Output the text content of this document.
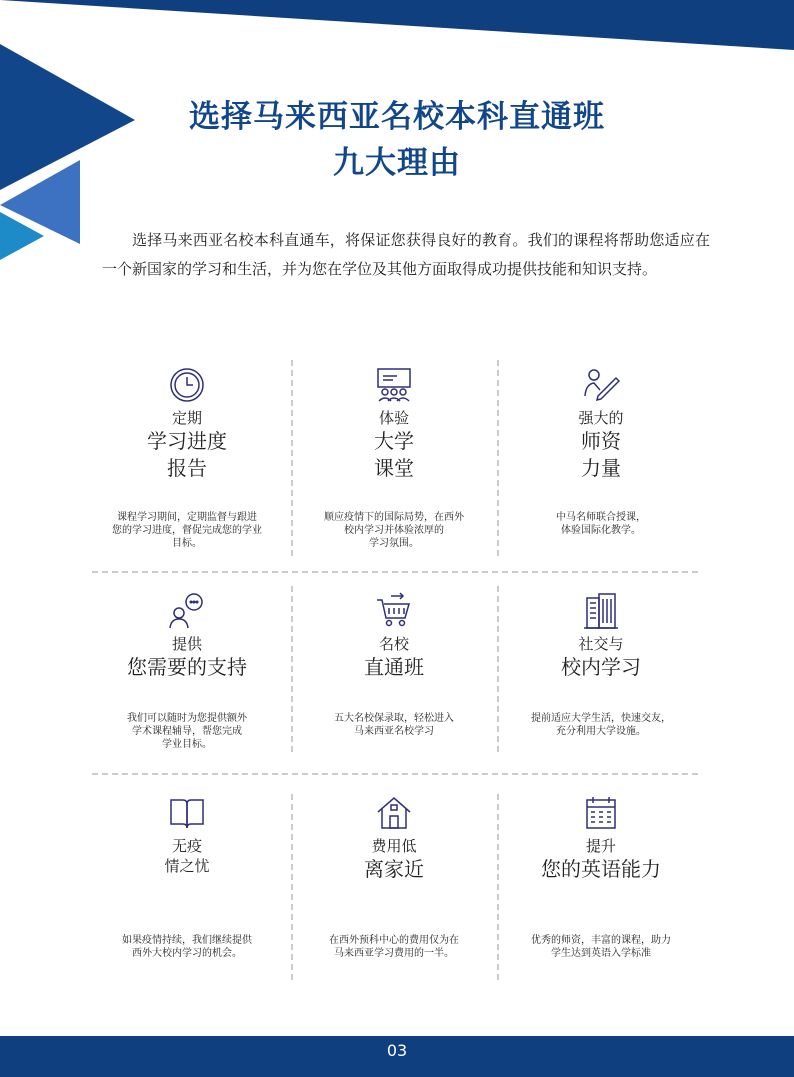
选择马来西亚名校本科直通班
九大理由

选择马来西亚名校本科直通车，将保证您获得良好的教育。我们的课程将帮助您适应在一个新国家的学习和生活，并为您在学位及其他方面取得成功提供技能和知识支持。

定期
学习进度
报告
课程学习期间，定期监督与跟进
您的学习进度，督促完成您的学业
目标。
体验
大学
课堂
顺应疫情下的国际局势，在西外
校内学习并体验浓厚的
学习氛围。
强大的
师资
力量
中马名师联合授课，
体验国际化教学。
提供
您需要的支持
我们可以随时为您提供额外
学术课程辅导，帮您完成
学业目标。
名校
直通班
五大名校保录取，轻松进入
马来西亚名校学习
社交与
校内学习
提前适应大学生活，快速交友，
充分利用大学设施。
无疫
情之忧
如果疫情持续，我们继续提供
西外大校内学习的机会。
费用低
离家近
在西外预科中心的费用仅为在
马来西亚学习费用的一半。
提升
您的英语能力
优秀的师资，丰富的课程，助力
学生达到英语入学标准
03
